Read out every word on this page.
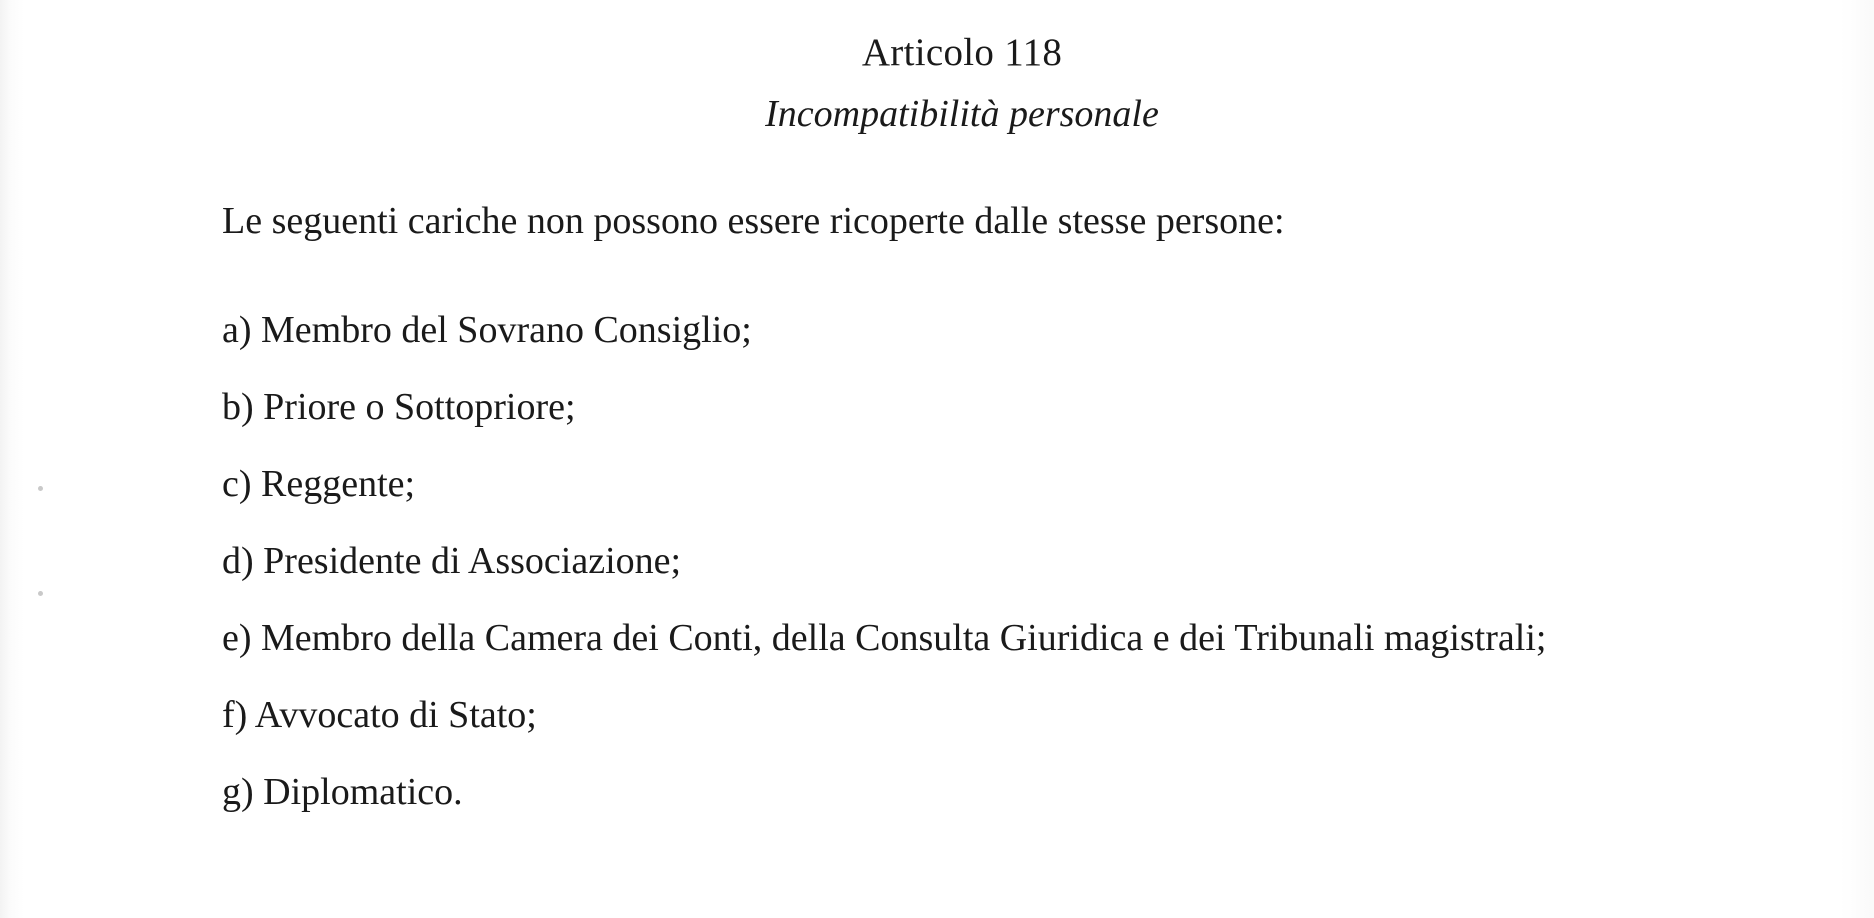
Articolo 118
Incompatibilità personale
Le seguenti cariche non possono essere ricoperte dalle stesse persone:
a) Membro del Sovrano Consiglio;
b) Priore o Sottopriore;
c) Reggente;
d) Presidente di Associazione;
e) Membro della Camera dei Conti, della Consulta Giuridica e dei Tribunali magistrali;
f) Avvocato di Stato;
g) Diplomatico.
